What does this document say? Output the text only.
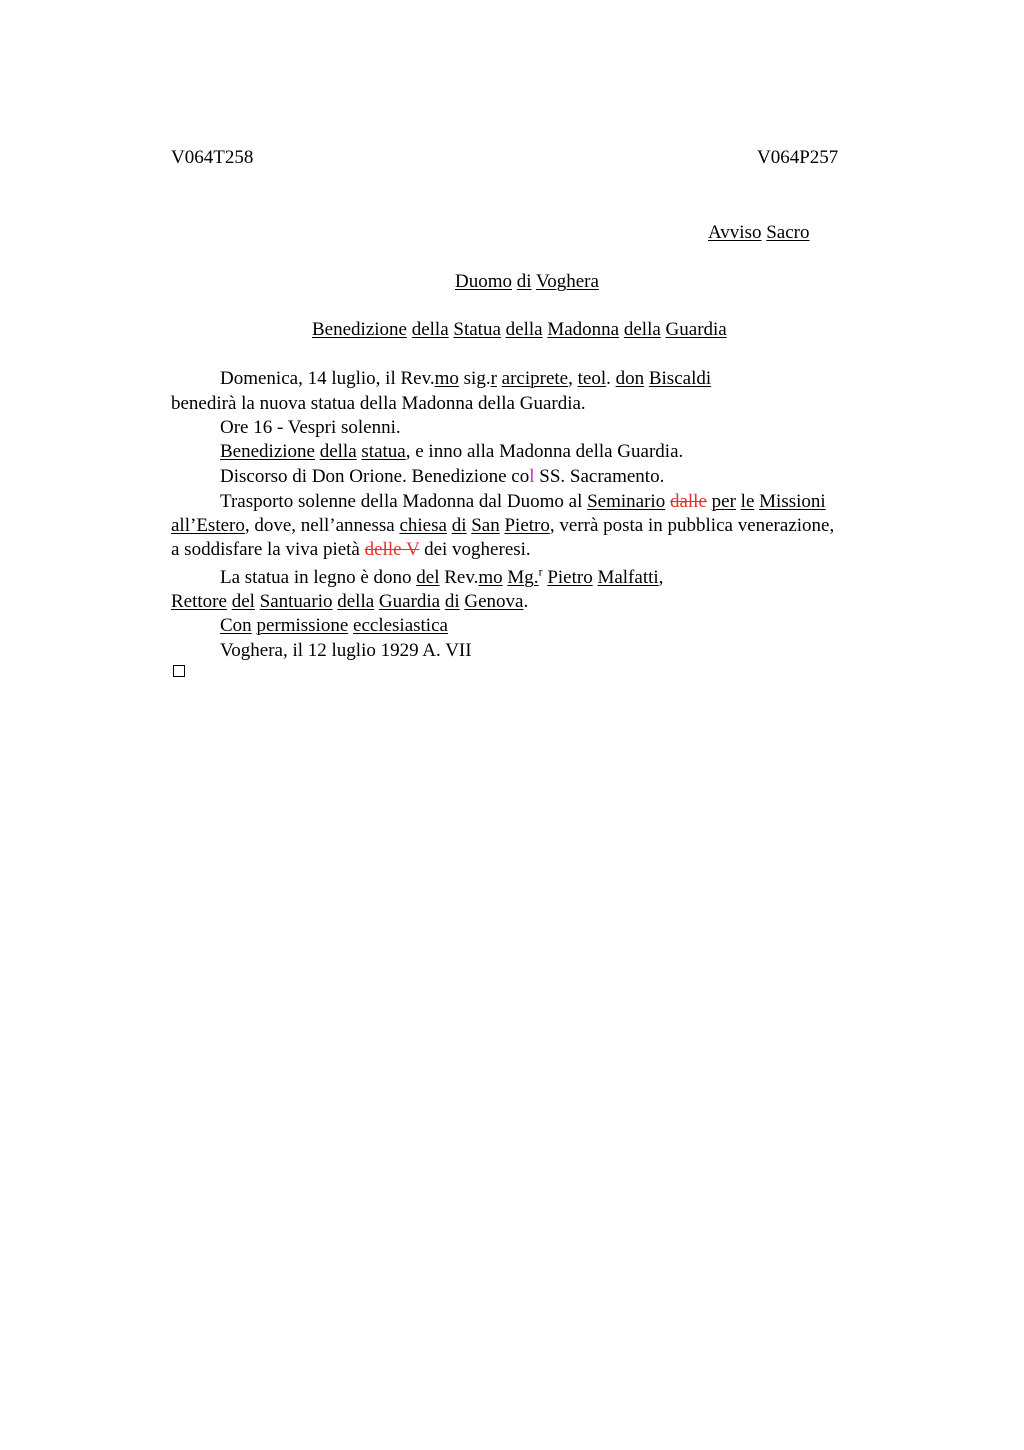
V064T258	V064P257
Avviso Sacro
Duomo di Voghera
Benedizione della Statua della Madonna della Guardia
Domenica, 14 luglio, il Rev.mo sig.r arciprete, teol. don Biscaldi
benedirà la nuova statua della Madonna della Guardia.
Ore 16 - Vespri solenni.
Benedizione della statua, e inno alla Madonna della Guardia.
Discorso di Don Orione. Benedizione col SS. Sacramento.
Trasporto solenne della Madonna dal Duomo al Seminario dalle per le Missioni
all’Estero, dove, nell’annessa chiesa di San Pietro, verrà posta in pubblica venerazione,
a soddisfare la viva pietà delle V dei vogheresi.
La statua in legno è dono del Rev.mo Mg.$^r$ Pietro Malfatti,
Rettore del Santuario della Guardia di Genova.
Con permissione ecclesiastica
Voghera, il 12 luglio 1929 A. VII
